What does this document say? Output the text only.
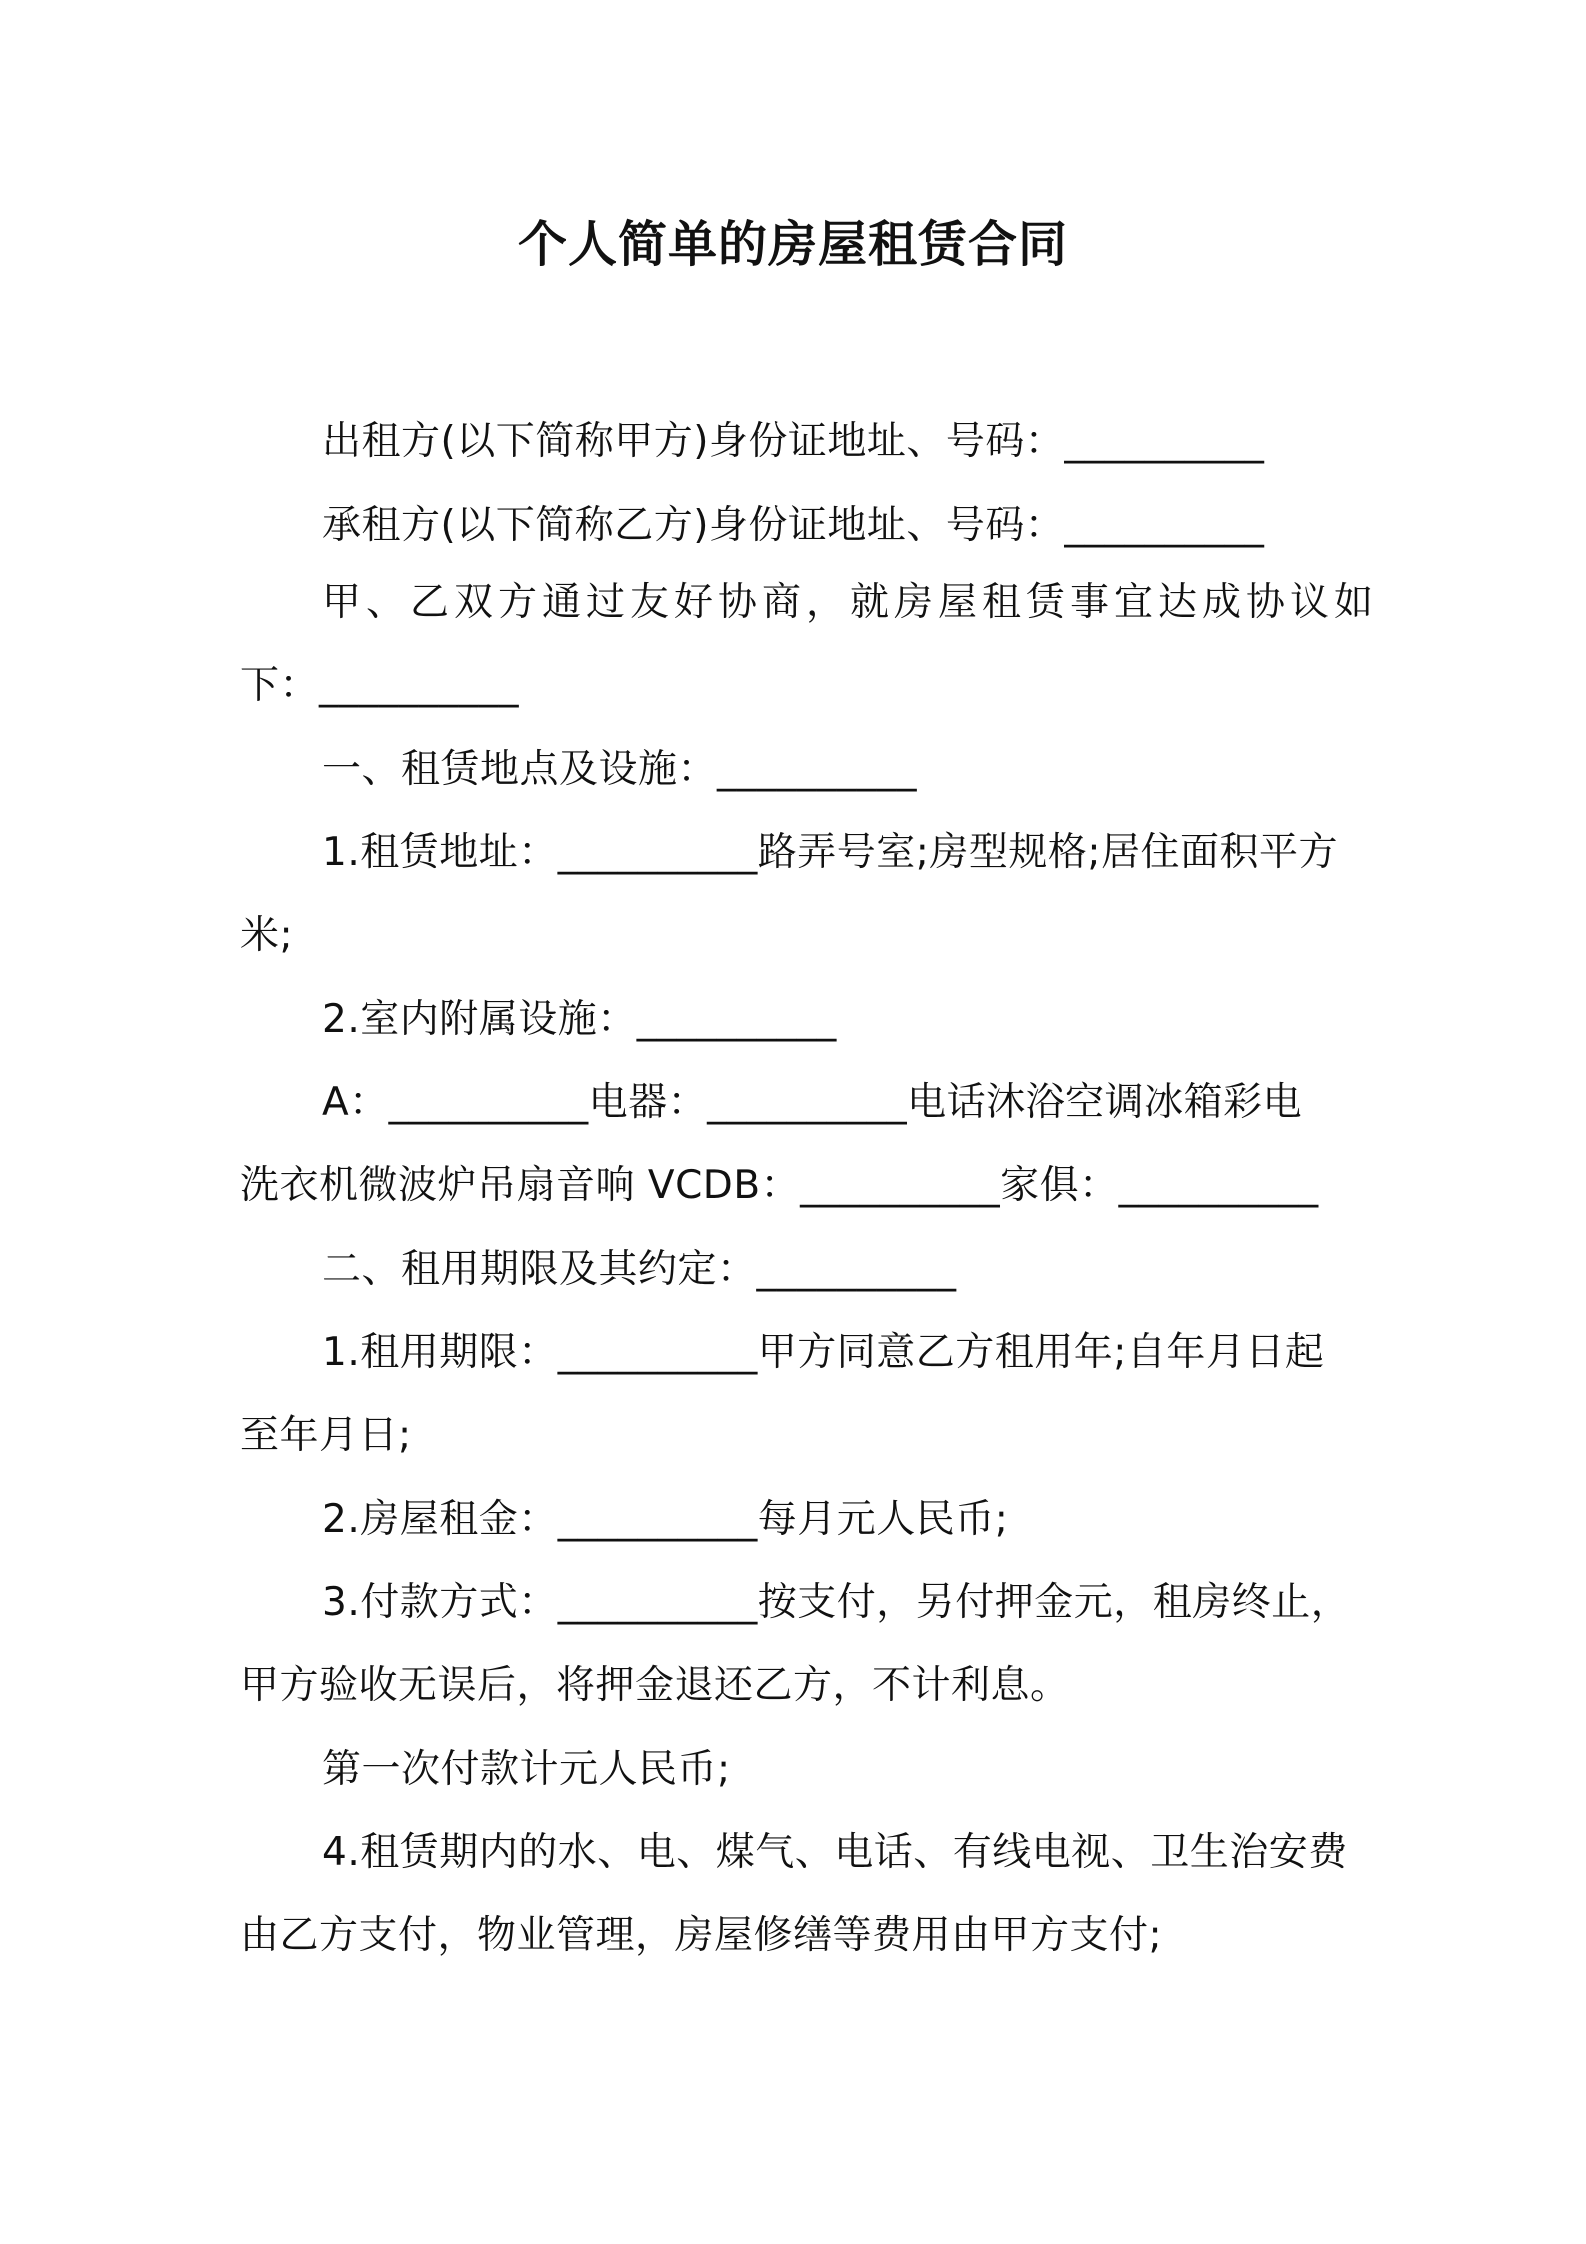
个人简单的房屋租赁合同
出租方(以下简称甲方)身份证地址、号码：__________
承租方(以下简称乙方)身份证地址、号码：__________
甲、乙双方通过友好协商，就房屋租赁事宜达成协议如
下：__________
一、租赁地点及设施：__________
1.租赁地址：__________路弄号室;房型规格;居住面积平方
米;
2.室内附属设施：__________
A：__________电器：__________电话沐浴空调冰箱彩电
洗衣机微波炉吊扇音响 VCDB：__________家俱：__________
二、租用期限及其约定：__________
1.租用期限：__________甲方同意乙方租用年;自年月日起
至年月日;
2.房屋租金：__________每月元人民币;
3.付款方式：__________按支付，另付押金元，租房终止，
甲方验收无误后，将押金退还乙方，不计利息。
第一次付款计元人民币;
4.租赁期内的水、电、煤气、电话、有线电视、卫生治安费
由乙方支付，物业管理，房屋修缮等费用由甲方支付;
